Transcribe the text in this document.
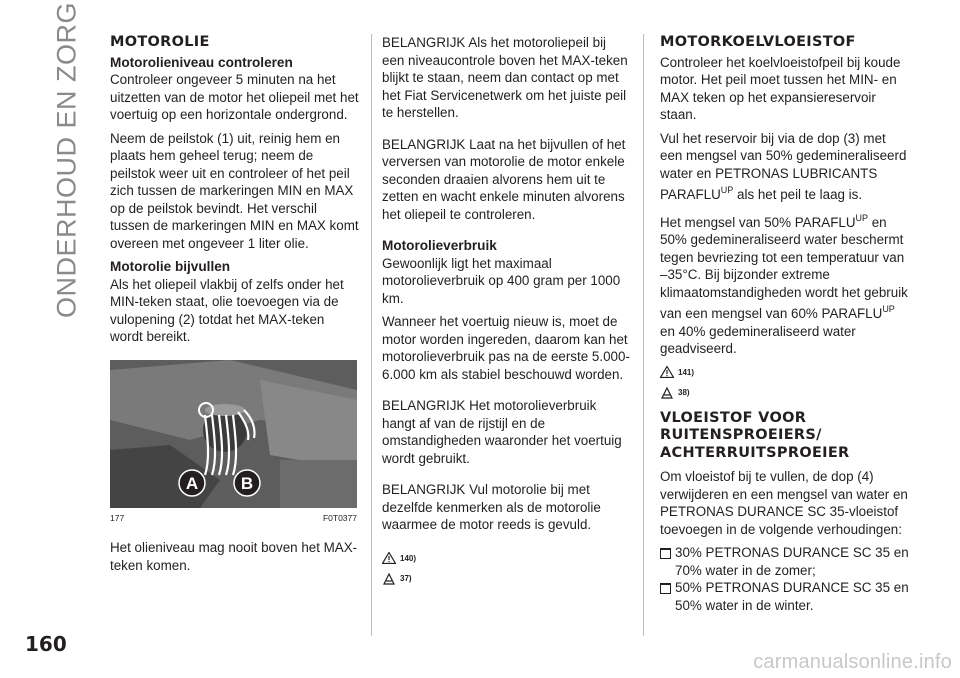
ONDERHOUD EN ZORG MOTOROLIE
Motorolieniveau controleren

Controleer ongeveer 5 minuten na het uitzetten van de motor het oliepeil met het voertuig op een horizontale ondergrond.

Neem de peilstok (1) uit, reinig hem en plaats hem geheel terug; neem de peilstok weer uit en controleer of het peil zich tussen de markeringen MIN en MAX op de peilstok bevindt. Het verschil tussen de markeringen MIN en MAX komt overeen met ongeveer 1 liter olie.

Motorolie bijvullen

Als het oliepeil vlakbij of zelfs onder het MIN-teken staat, olie toevoegen via de vulopening (2) totdat het MAX-teken wordt bereikt.

A	B
177	F0T0377

Het olieniveau mag nooit boven het MAX-teken komen.

BELANGRIJK Als het motoroliepeil bij een niveaucontrole boven het MAX-teken blijkt te staan, neem dan contact op met het Fiat Servicenetwerk om het juiste peil te herstellen.

BELANGRIJK Laat na het bijvullen of het verversen van motorolie de motor enkele seconden draaien alvorens hem uit te zetten en wacht enkele minuten alvorens het oliepeil te controleren.

Motorolieverbruik

Gewoonlijk ligt het maximaal motorolieverbruik op 400 gram per 1000 km.

Wanneer het voertuig nieuw is, moet de motor worden ingereden, daarom kan het motorolieverbruik pas na de eerste 5.000-6.000 km als stabiel beschouwd worden.

BELANGRIJK Het motorolieverbruik hangt af van de rijstijl en de omstandigheden waaronder het voertuig wordt gebruikt.

BELANGRIJK Vul motorolie bij met dezelfde kenmerken als de motorolie waarmee de motor reeds is gevuld.

140)
37)
MOTORKOELVLOEISTOF

Controleer het koelvloeistofpeil bij koude motor. Het peil moet tussen het MIN- en MAX teken op het expansiereservoir staan.

Vul het reservoir bij via de dop (3) met een mengsel van 50% gedemineraliseerd water en PETRONAS LUBRICANTS $PARAFLU^{UP}$ als het peil te laag is.

Het mengsel van 50% $PARAFLU^{UP}$ en 50% gedemineraliseerd water beschermt tegen bevriezing tot een temperatuur van –35°C. Bij bijzonder extreme klimaatomstandigheden wordt het gebruik van een mengsel van 60% $PARAFLU^{UP}$ en 40% gedemineraliseerd water geadviseerd.

141)
38)
VLOEISTOF VOOR RUITENSPROEIERS/ ACHTERRUITSPROEIER

Om vloeistof bij te vullen, de dop (4) verwijderen en een mengsel van water en PETRONAS DURANCE SC 35-vloeistof toevoegen in de volgende verhoudingen:

30% PETRONAS DURANCE SC 35 en 70% water in de zomer;
50% PETRONAS DURANCE SC 35 en 50% water in de winter.
160
carmanualsonline.info
